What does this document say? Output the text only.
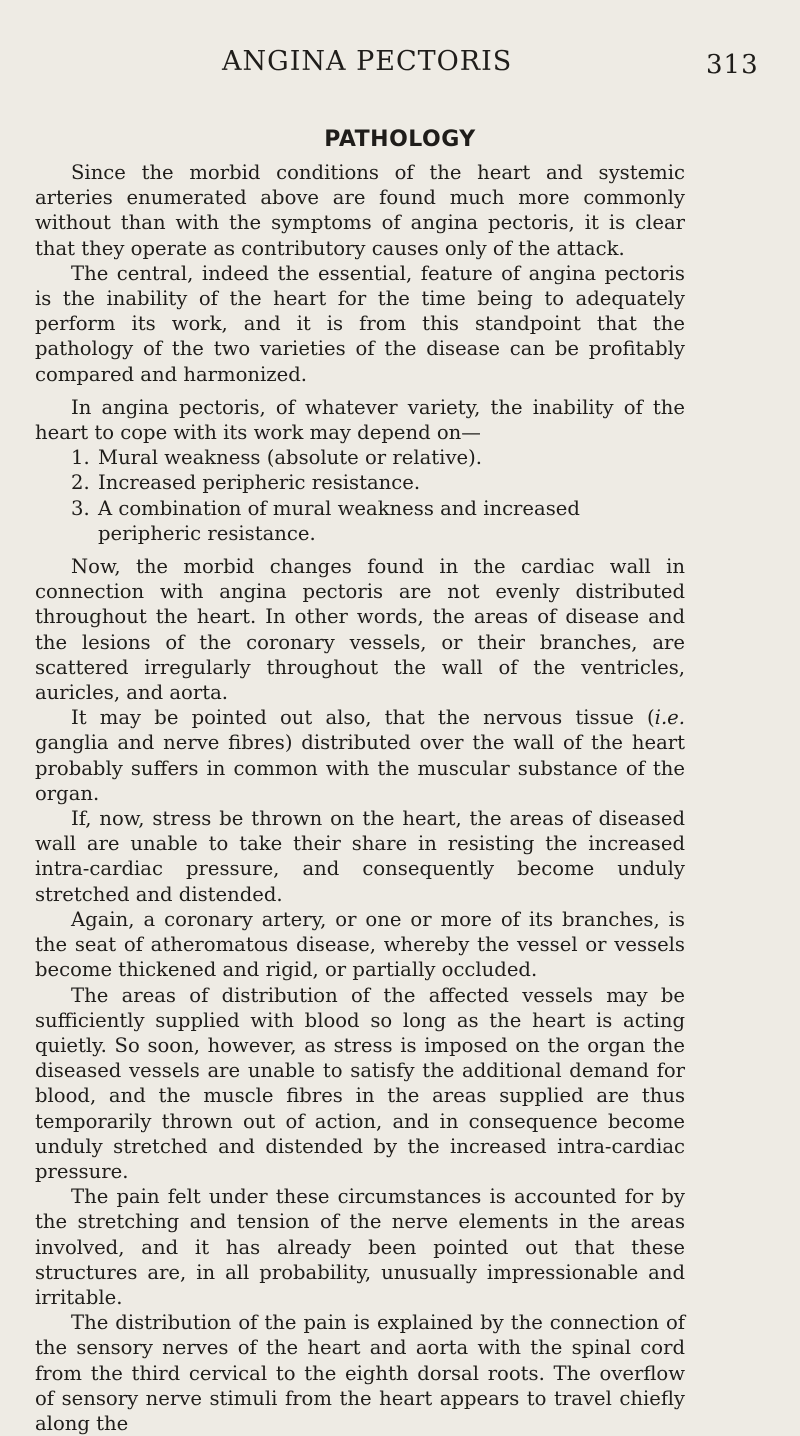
ANGINA PECTORIS	313
PATHOLOGY

Since the morbid conditions of the heart and systemic arteries enumerated above are found much more commonly without than with the symptoms of angina pectoris, it is clear that they operate as contributory causes only of the attack.

The central, indeed the essential, feature of angina pectoris is the inability of the heart for the time being to adequately perform its work, and it is from this standpoint that the pathology of the two varieties of the disease can be profitably compared and harmonized.

In angina pectoris, of whatever variety, the inability of the heart to cope with its work may depend on—

1. Mural weakness (absolute or relative).
2. Increased peripheric resistance.
3. A combination of mural weakness and increased peripheric resistance.

Now, the morbid changes found in the cardiac wall in connection with angina pectoris are not evenly distributed throughout the heart. In other words, the areas of disease and the lesions of the coronary vessels, or their branches, are scattered irregularly throughout the wall of the ventricles, auricles, and aorta.

It may be pointed out also, that the nervous tissue (i.e. ganglia and nerve fibres) distributed over the wall of the heart probably suffers in common with the muscular substance of the organ.

If, now, stress be thrown on the heart, the areas of diseased wall are unable to take their share in resisting the increased intra-cardiac pressure, and consequently become unduly stretched and distended.

Again, a coronary artery, or one or more of its branches, is the seat of atheromatous disease, whereby the vessel or vessels become thickened and rigid, or partially occluded.

The areas of distribution of the affected vessels may be sufficiently supplied with blood so long as the heart is acting quietly. So soon, however, as stress is imposed on the organ the diseased vessels are unable to satisfy the additional demand for blood, and the muscle fibres in the areas supplied are thus temporarily thrown out of action, and in consequence become unduly stretched and distended by the increased intra-cardiac pressure.

The pain felt under these circumstances is accounted for by the stretching and tension of the nerve elements in the areas involved, and it has already been pointed out that these structures are, in all probability, unusually impressionable and irritable.

The distribution of the pain is explained by the connection of the sensory nerves of the heart and aorta with the spinal cord from the third cervical to the eighth dorsal roots. The overflow of sensory nerve stimuli from the heart appears to travel chiefly along the
